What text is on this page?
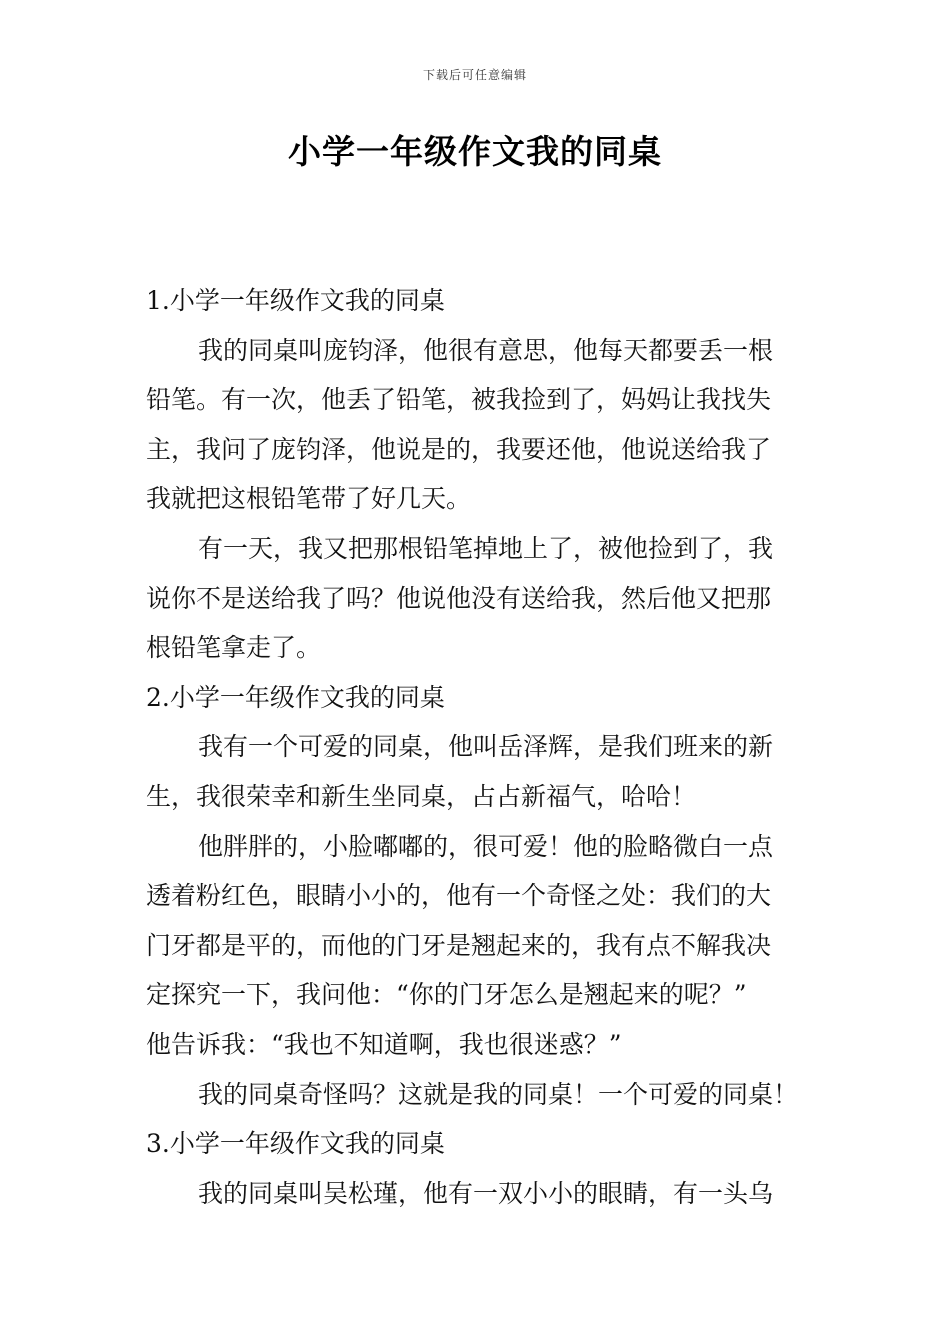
下载后可任意编辑
小学一年级作文我的同桌
1.小学一年级作文我的同桌
我的同桌叫庞钧泽，他很有意思，他每天都要丢一根
铅笔。有一次，他丢了铅笔，被我捡到了，妈妈让我找失
主，我问了庞钧泽，他说是的，我要还他，他说送给我了
我就把这根铅笔带了好几天。
有一天，我又把那根铅笔掉地上了，被他捡到了，我
说你不是送给我了吗？他说他没有送给我，然后他又把那
根铅笔拿走了。
2.小学一年级作文我的同桌
我有一个可爱的同桌，他叫岳泽辉，是我们班来的新
生，我很荣幸和新生坐同桌，占占新福气，哈哈！
他胖胖的，小脸嘟嘟的，很可爱！他的脸略微白一点
透着粉红色，眼睛小小的，他有一个奇怪之处：我们的大
门牙都是平的，而他的门牙是翘起来的，我有点不解我决
定探究一下，我问他：“你的门牙怎么是翘起来的呢？”
他告诉我：“我也不知道啊，我也很迷惑？”
我的同桌奇怪吗？这就是我的同桌！一个可爱的同桌！
3.小学一年级作文我的同桌
我的同桌叫吴松瑾，他有一双小小的眼睛，有一头乌
